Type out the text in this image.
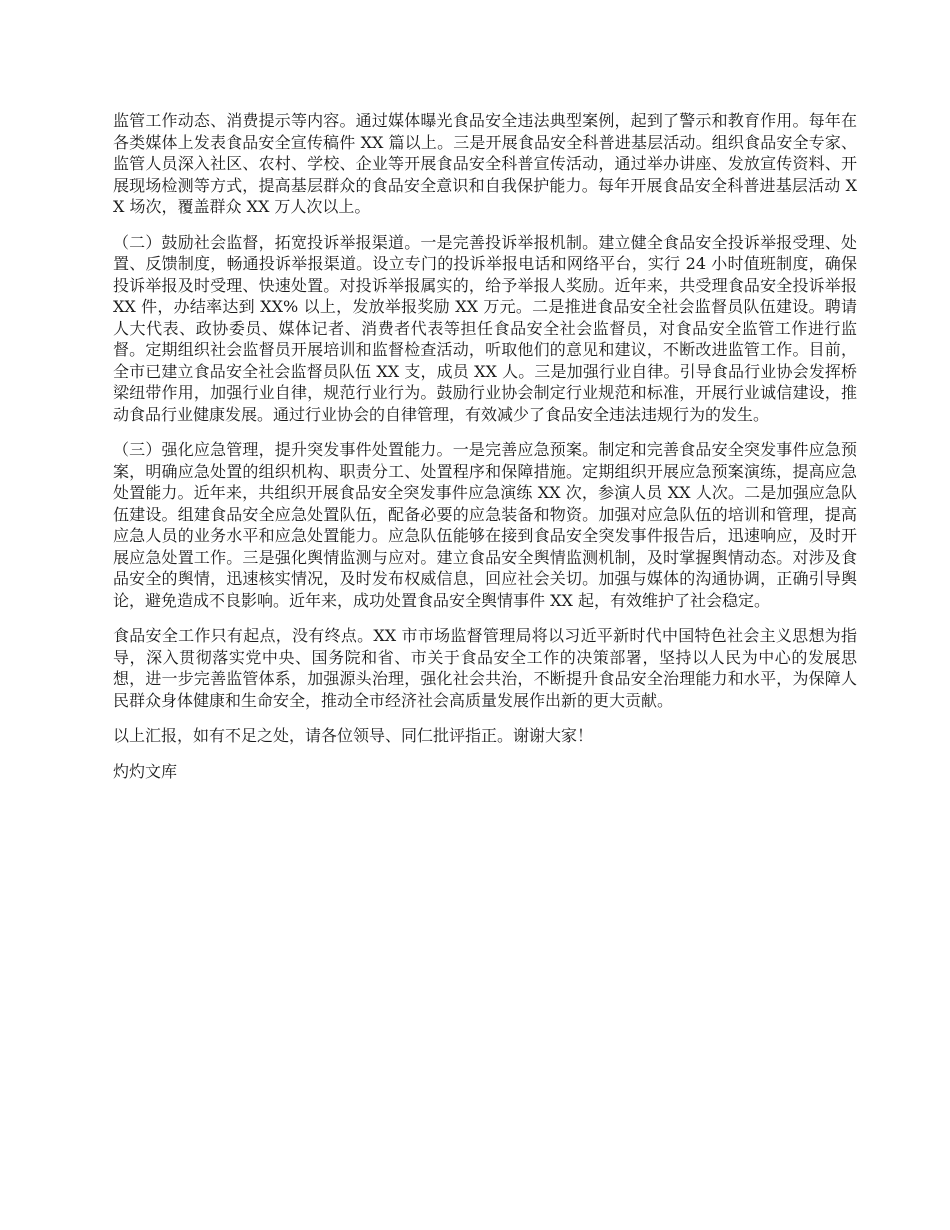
监管工作动态、消费提示等内容。通过媒体曝光食品安全违法典型案例，起到了警示和教育作用。每年在各类媒体上发表食品安全宣传稿件 XX 篇以上。三是开展食品安全科普进基层活动。组织食品安全专家、监管人员深入社区、农村、学校、企业等开展食品安全科普宣传活动，通过举办讲座、发放宣传资料、开展现场检测等方式，提高基层群众的食品安全意识和自我保护能力。每年开展食品安全科普进基层活动 XX 场次，覆盖群众 XX 万人次以上。

（二）鼓励社会监督，拓宽投诉举报渠道。一是完善投诉举报机制。建立健全食品安全投诉举报受理、处置、反馈制度，畅通投诉举报渠道。设立专门的投诉举报电话和网络平台，实行 24 小时值班制度，确保投诉举报及时受理、快速处置。对投诉举报属实的，给予举报人奖励。近年来，共受理食品安全投诉举报 XX 件，办结率达到 XX% 以上，发放举报奖励 XX 万元。二是推进食品安全社会监督员队伍建设。聘请人大代表、政协委员、媒体记者、消费者代表等担任食品安全社会监督员，对食品安全监管工作进行监督。定期组织社会监督员开展培训和监督检查活动，听取他们的意见和建议，不断改进监管工作。目前，全市已建立食品安全社会监督员队伍 XX 支，成员 XX 人。三是加强行业自律。引导食品行业协会发挥桥梁纽带作用，加强行业自律，规范行业行为。鼓励行业协会制定行业规范和标准，开展行业诚信建设，推动食品行业健康发展。通过行业协会的自律管理，有效减少了食品安全违法违规行为的发生。

（三）强化应急管理，提升突发事件处置能力。一是完善应急预案。制定和完善食品安全突发事件应急预案，明确应急处置的组织机构、职责分工、处置程序和保障措施。定期组织开展应急预案演练，提高应急处置能力。近年来，共组织开展食品安全突发事件应急演练 XX 次，参演人员 XX 人次。二是加强应急队伍建设。组建食品安全应急处置队伍，配备必要的应急装备和物资。加强对应急队伍的培训和管理，提高应急人员的业务水平和应急处置能力。应急队伍能够在接到食品安全突发事件报告后，迅速响应，及时开展应急处置工作。三是强化舆情监测与应对。建立食品安全舆情监测机制，及时掌握舆情动态。对涉及食品安全的舆情，迅速核实情况，及时发布权威信息，回应社会关切。加强与媒体的沟通协调，正确引导舆论，避免造成不良影响。近年来，成功处置食品安全舆情事件 XX 起，有效维护了社会稳定。

食品安全工作只有起点，没有终点。XX 市市场监督管理局将以习近平新时代中国特色社会主义思想为指导，深入贯彻落实党中央、国务院和省、市关于食品安全工作的决策部署，坚持以人民为中心的发展思想，进一步完善监管体系，加强源头治理，强化社会共治，不断提升食品安全治理能力和水平，为保障人民群众身体健康和生命安全，推动全市经济社会高质量发展作出新的更大贡献。

以上汇报，如有不足之处，请各位领导、同仁批评指正。谢谢大家！

灼灼文库
